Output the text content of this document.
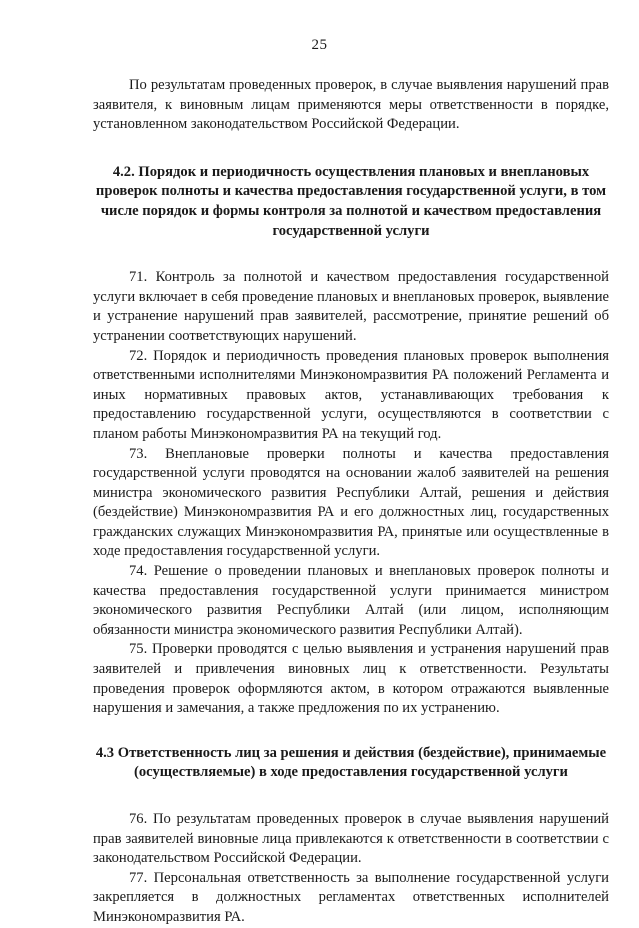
25

По результатам проведенных проверок, в случае выявления нарушений прав заявителя, к виновным лицам применяются меры ответственности в порядке, установленном законодательством Российской Федерации.

4.2. Порядок и периодичность осуществления плановых и внеплановых проверок полноты и качества предоставления государственной услуги, в том числе порядок и формы контроля за полнотой и качеством предоставления государственной услуги

71. Контроль за полнотой и качеством предоставления государственной услуги включает в себя проведение плановых и внеплановых проверок, выявление и устранение нарушений прав заявителей, рассмотрение, принятие решений об устранении соответствующих нарушений.

72. Порядок и периодичность проведения плановых проверок выполнения ответственными исполнителями Минэкономразвития РА положений Регламента и иных нормативных правовых актов, устанавливающих требования к предоставлению государственной услуги, осуществляются в соответствии с планом работы Минэкономразвития РА на текущий год.

73. Внеплановые проверки полноты и качества предоставления государственной услуги проводятся на основании жалоб заявителей на решения министра экономического развития Республики Алтай, решения и действия (бездействие) Минэкономразвития РА и его должностных лиц, государственных гражданских служащих Минэкономразвития РА, принятые или осуществленные в ходе предоставления государственной услуги.

74. Решение о проведении плановых и внеплановых проверок полноты и качества предоставления государственной услуги принимается министром экономического развития Республики Алтай (или лицом, исполняющим обязанности министра экономического развития Республики Алтай).

75. Проверки проводятся с целью выявления и устранения нарушений прав заявителей и привлечения виновных лиц к ответственности. Результаты проведения проверок оформляются актом, в котором отражаются выявленные нарушения и замечания, а также предложения по их устранению.

4.3 Ответственность лиц за решения и действия (бездействие), принимаемые (осуществляемые) в ходе предоставления государственной услуги

76. По результатам проведенных проверок в случае выявления нарушений прав заявителей виновные лица привлекаются к ответственности в соответствии с законодательством Российской Федерации.

77. Персональная ответственность за выполнение государственной услуги закрепляется в должностных регламентах ответственных исполнителей Минэкономразвития РА.
